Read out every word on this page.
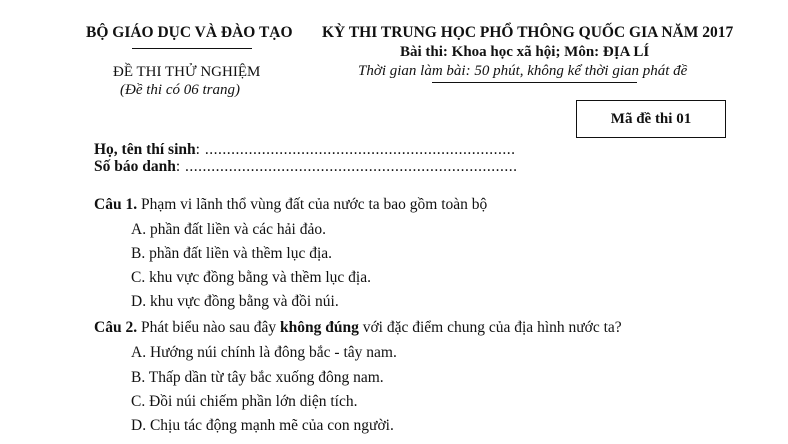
BỘ GIÁO DỤC VÀ ĐÀO TẠO
ĐỀ THI THỬ NGHIỆM
(Đề thi có 06 trang)
KỲ THI TRUNG HỌC PHỔ THÔNG QUỐC GIA NĂM 2017
Bài thi: Khoa học xã hội; Môn: ĐỊA LÍ
Thời gian làm bài: 50 phút, không kể thời gian phát đề
Mã đề thi 01
Họ, tên thí sinh: .......................................................................
Số báo danh: ............................................................................
Câu 1. Phạm vi lãnh thổ vùng đất của nước ta bao gồm toàn bộ
A. phần đất liền và các hải đảo.
B. phần đất liền và thềm lục địa.
C. khu vực đồng bằng và thềm lục địa.
D. khu vực đồng bằng và đồi núi.
Câu 2. Phát biểu nào sau đây không đúng với đặc điểm chung của địa hình nước ta?
A. Hướng núi chính là đông bắc - tây nam.
B. Thấp dần từ tây bắc xuống đông nam.
C. Đồi núi chiếm phần lớn diện tích.
D. Chịu tác động mạnh mẽ của con người.
